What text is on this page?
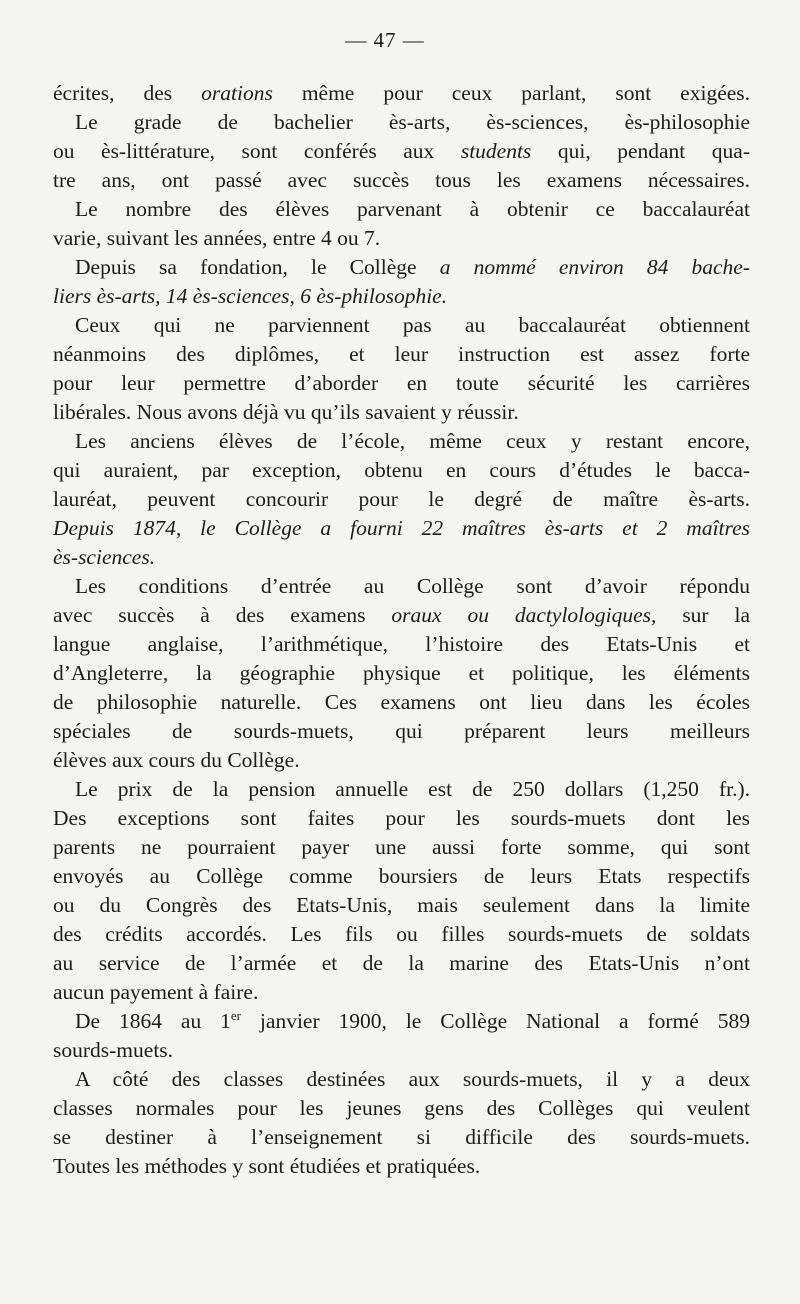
— 47 —
écrites, des orations même pour ceux parlant, sont exigées.
Le grade de bachelier ès-arts, ès-sciences, ès-philosophie
ou ès-littérature, sont conférés aux students qui, pendant qua-
tre ans, ont passé avec succès tous les examens nécessaires.
Le nombre des élèves parvenant à obtenir ce baccalauréat
varie, suivant les années, entre 4 ou 7.
Depuis sa fondation, le Collège a nommé environ 84 bache-
liers ès-arts, 14 ès-sciences, 6 ès-philosophie.
Ceux qui ne parviennent pas au baccalauréat obtiennent
néanmoins des diplômes, et leur instruction est assez forte
pour leur permettre d’aborder en toute sécurité les carrières
libérales. Nous avons déjà vu qu’ils savaient y réussir.
Les anciens élèves de l’école, même ceux y restant encore,
qui auraient, par exception, obtenu en cours d’études le bacca-
lauréat, peuvent concourir pour le degré de maître ès-arts.
Depuis 1874, le Collège a fourni 22 maîtres ès-arts et 2 maîtres
ès-sciences.
Les conditions d’entrée au Collège sont d’avoir répondu
avec succès à des examens oraux ou dactylologiques, sur la
langue anglaise, l’arithmétique, l’histoire des Etats-Unis et
d’Angleterre, la géographie physique et politique, les éléments
de philosophie naturelle. Ces examens ont lieu dans les écoles
spéciales de sourds-muets, qui préparent leurs meilleurs
élèves aux cours du Collège.
Le prix de la pension annuelle est de 250 dollars (1,250 fr.).
Des exceptions sont faites pour les sourds-muets dont les
parents ne pourraient payer une aussi forte somme, qui sont
envoyés au Collège comme boursiers de leurs Etats respectifs
ou du Congrès des Etats-Unis, mais seulement dans la limite
des crédits accordés. Les fils ou filles sourds-muets de soldats
au service de l’armée et de la marine des Etats-Unis n’ont
aucun payement à faire.
De 1864 au 1er janvier 1900, le Collège National a formé 589
sourds-muets.
A côté des classes destinées aux sourds-muets, il y a deux
classes normales pour les jeunes gens des Collèges qui veulent
se destiner à l’enseignement si difficile des sourds-muets.
Toutes les méthodes y sont étudiées et pratiquées.
